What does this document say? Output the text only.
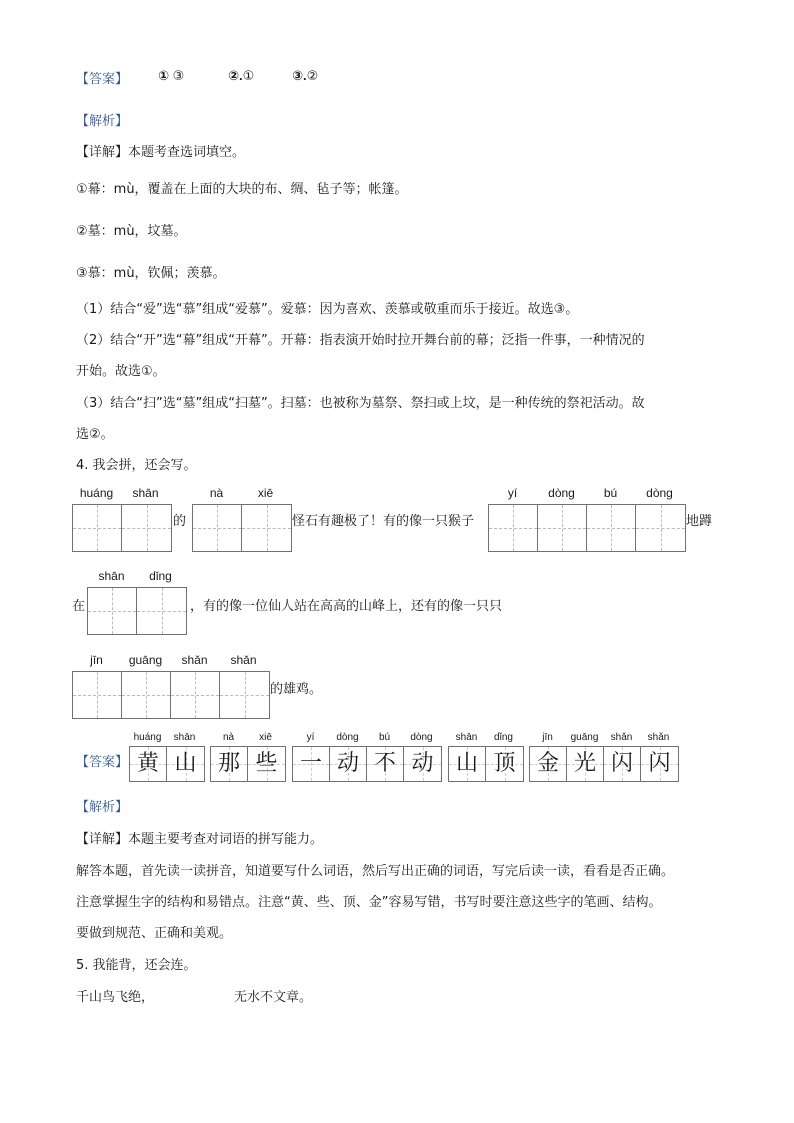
【答案】 ① ③	②.①	③.②
【解析】
【详解】本题考查选词填空。
①幕：mù，覆盖在上面的大块的布、绸、毡子等；帐篷。
②墓：mù，坟墓。
③慕：mù，钦佩；羡慕。
（1）结合“爱”选“慕”组成“爱慕”。爱慕：因为喜欢、羡慕或敬重而乐于接近。故选③。
（2）结合“开”选“幕”组成“开幕”。开幕：指表演开始时拉开舞台前的幕；泛指一件事，一种情况的
开始。故选①。
（3）结合“扫”选“墓”组成“扫墓”。扫墓：也被称为墓祭、祭扫或上坟，是一种传统的祭祀活动。故
选②。
4. 我会拼，还会写。
huáng	shān
的
nà	xiē
怪石有趣极了！有的像一只猴子
yí	dòng	bú	dòng
地蹲
在
shān	dǐng
，有的像一位仙人站在高高的山峰上，还有的像一只只
jīn	guāng	shǎn	shǎn
的雄鸡。
【答案】
huáng	shān
黄 山
nà	xiē
那 些
yí	dòng	bú	dòng
一 动 不 动
shān	dǐng
山 顶
jīn	guāng	shǎn	shǎn
金 光 闪 闪
【解析】
【详解】本题主要考查对词语的拼写能力。
解答本题，首先读一读拼音，知道要写什么词语，然后写出正确的词语，写完后读一读，看看是否正确。
注意掌握生字的结构和易错点。注意“黄、些、顶、金”容易写错，书写时要注意这些字的笔画、结构。
要做到规范、正确和美观。
5. 我能背，还会连。
千山鸟飞绝，	无水不文章。
